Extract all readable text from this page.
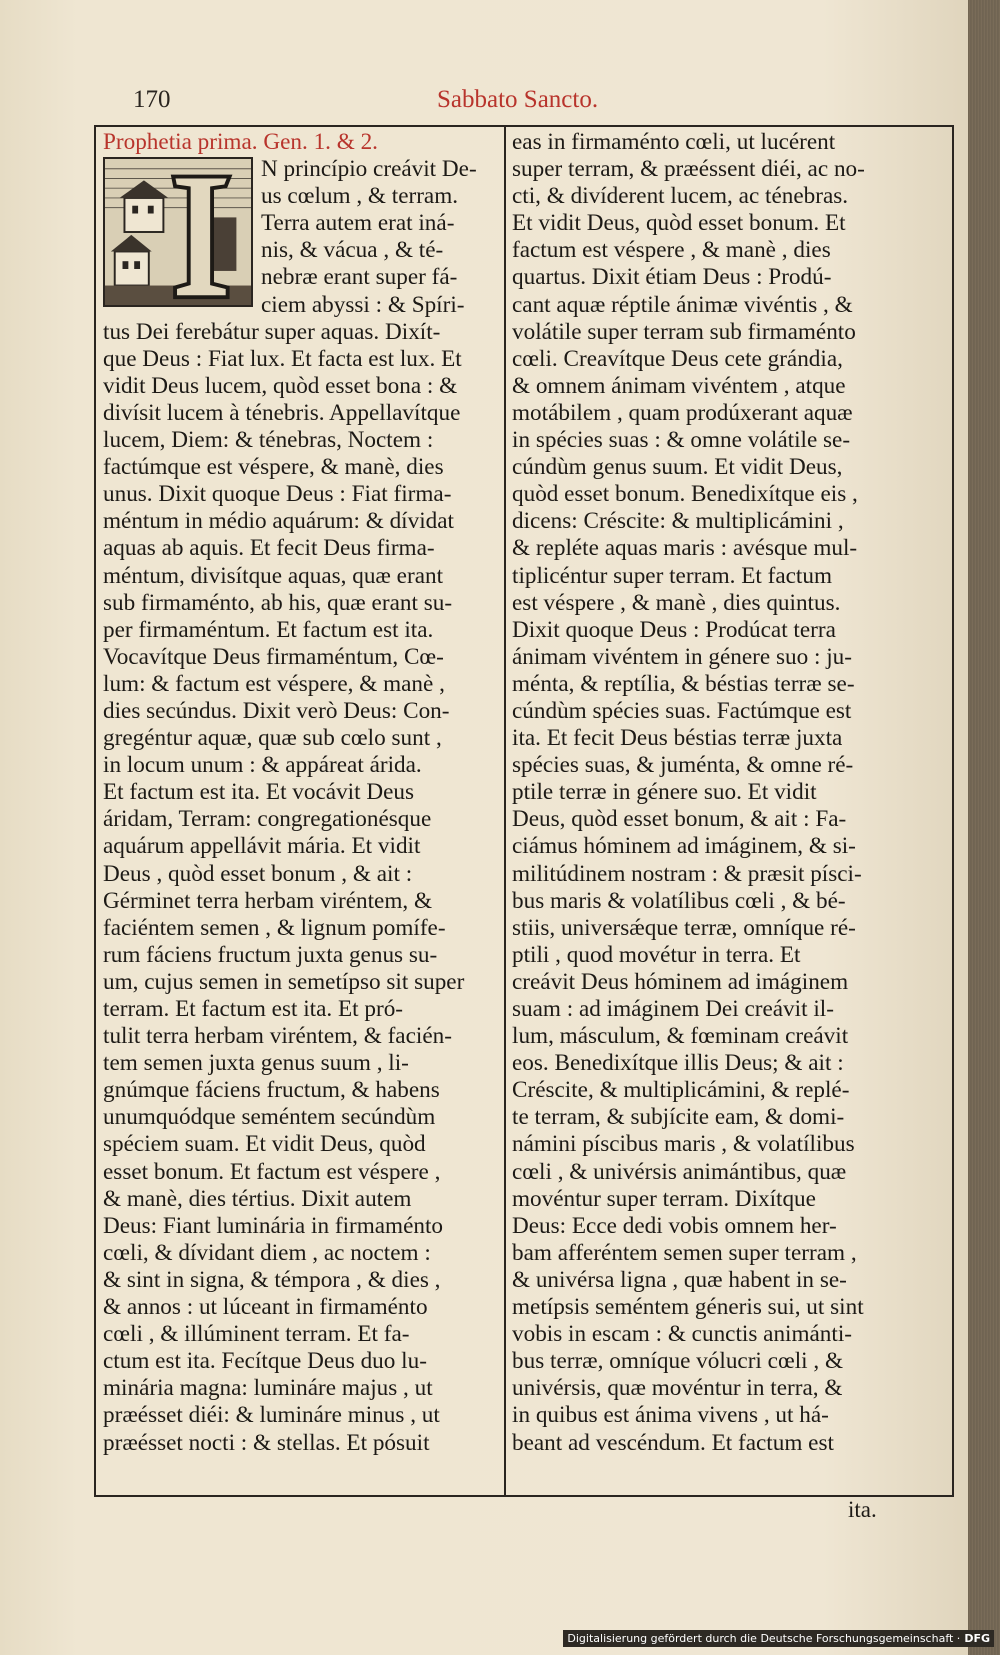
170	Sabbato Sancto.
Prophetia prima. Gen. 1. & 2.
N princípio creávit De-
us cœlum , & terram.
Terra autem erat iná-
nis, & vácua , & té-
nebræ erant super fá-
ciem abyssi : & Spíri-
tus Dei ferebátur super aquas. Dixít-
que Deus : Fiat lux. Et facta est lux. Et
vidit Deus lucem, quòd esset bona : &
divísit lucem à ténebris. Appellavítque
lucem, Diem: & ténebras, Noctem :
factúmque est véspere, & manè, dies
unus. Dixit quoque Deus : Fiat firma-
méntum in médio aquárum: & dívidat
aquas ab aquis. Et fecit Deus firma-
méntum, divisítque aquas, quæ erant
sub firmaménto, ab his, quæ erant su-
per firmaméntum. Et factum est ita.
Vocavítque Deus firmaméntum, Cœ-
lum: & factum est véspere, & manè ,
dies secúndus. Dixit verò Deus: Con-
gregéntur aquæ, quæ sub cœlo sunt ,
in locum unum : & appáreat árida.
Et factum est ita. Et vocávit Deus
áridam, Terram: congregationésque
aquárum appellávit mária. Et vidit
Deus , quòd esset bonum , & ait :
Gérminet terra herbam viréntem, &
faciéntem semen , & lignum pomífe-
rum fáciens fructum juxta genus su-
um, cujus semen in semetípso sit super
terram. Et factum est ita. Et pró-
tulit terra herbam viréntem, & facién-
tem semen juxta genus suum , li-
gnúmque fáciens fructum, & habens
unumquódque seméntem secúndùm
spéciem suam. Et vidit Deus, quòd
esset bonum. Et factum est véspere ,
& manè, dies tértius. Dixit autem
Deus: Fiant luminária in firmaménto
cœli, & dívidant diem , ac noctem :
& sint in signa, & témpora , & dies ,
& annos : ut lúceant in firmaménto
cœli , & illúminent terram. Et fa-
ctum est ita. Fecítque Deus duo lu-
minária magna: lumináre majus , ut
præésset diéi: & lumináre minus , ut
præésset nocti : & stellas. Et pósuit
eas in firmaménto cœli, ut lucérent
super terram, & præéssent diéi, ac no-
cti, & divíderent lucem, ac ténebras.
Et vidit Deus, quòd esset bonum. Et
factum est véspere , & manè , dies
quartus. Dixit étiam Deus : Prodú-
cant aquæ réptile ánimæ vivéntis , &
volátile super terram sub firmaménto
cœli. Creavítque Deus cete grándia,
& omnem ánimam vivéntem , atque
motábilem , quam prodúxerant aquæ
in spécies suas : & omne volátile se-
cúndùm genus suum. Et vidit Deus,
quòd esset bonum. Benedixítque eis ,
dicens: Créscite: & multiplicámini ,
& repléte aquas maris : avésque mul-
tiplicéntur super terram. Et factum
est véspere , & manè , dies quintus.
Dixit quoque Deus : Prodúcat terra
ánimam vivéntem in génere suo : ju-
ménta, & reptília, & béstias terræ se-
cúndùm spécies suas. Factúmque est
ita. Et fecit Deus béstias terræ juxta
spécies suas, & juménta, & omne ré-
ptile terræ in génere suo. Et vidit
Deus, quòd esset bonum, & ait : Fa-
ciámus hóminem ad imáginem, & si-
militúdinem nostram : & præsit písci-
bus maris & volatílibus cœli , & bé-
stiis, universǽque terræ, omníque ré-
ptili , quod movétur in terra. Et
creávit Deus hóminem ad imáginem
suam : ad imáginem Dei creávit il-
lum, másculum, & fœminam creávit
eos. Benedixítque illis Deus; & ait :
Créscite, & multiplicámini, & replé-
te terram, & subjícite eam, & domi-
námini píscibus maris , & volatílibus
cœli , & univérsis animántibus, quæ
movéntur super terram. Dixítque
Deus: Ecce dedi vobis omnem her-
bam afferéntem semen super terram ,
& univérsa ligna , quæ habent in se-
metípsis seméntem géneris sui, ut sint
vobis in escam : & cunctis animánti-
bus terræ, omníque vólucri cœli , &
univérsis, quæ movéntur in terra, &
in quibus est ánima vivens , ut há-
beant ad vescéndum. Et factum est
ita.
Digitalisierung gefördert durch die Deutsche Forschungsgemeinschaft · DFG
